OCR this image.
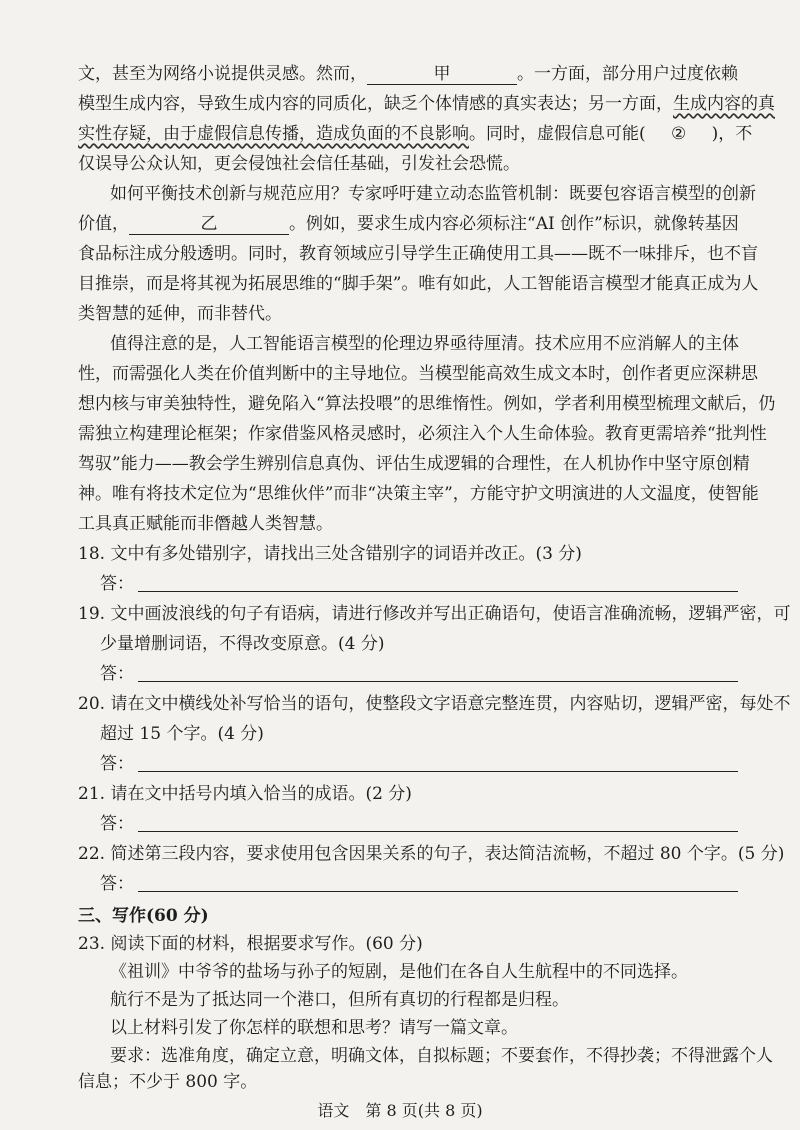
文，甚至为网络小说提供灵感。然而，	甲	。一方面，部分用户过度依赖
模型生成内容，导致生成内容的同质化，缺乏个体情感的真实表达；另一方面，生成内容的真
实性存疑，由于虚假信息传播，造成负面的不良影响。同时，虚假信息可能( ② )，不
仅误导公众认知，更会侵蚀社会信任基础，引发社会恐慌。
如何平衡技术创新与规范应用？专家呼吁建立动态监管机制：既要包容语言模型的创新
价值，	乙	。例如，要求生成内容必须标注“AI 创作”标识，就像转基因
食品标注成分般透明。同时，教育领域应引导学生正确使用工具——既不一味排斥，也不盲
目推崇，而是将其视为拓展思维的“脚手架”。唯有如此，人工智能语言模型才能真正成为人
类智慧的延伸，而非替代。
值得注意的是，人工智能语言模型的伦理边界亟待厘清。技术应用不应消解人的主体
性，而需强化人类在价值判断中的主导地位。当模型能高效生成文本时，创作者更应深耕思
想内核与审美独特性，避免陷入“算法投喂”的思维惰性。例如，学者利用模型梳理文献后，仍
需独立构建理论框架；作家借鉴风格灵感时，必须注入个人生命体验。教育更需培养“批判性
驾驭”能力——教会学生辨别信息真伪、评估生成逻辑的合理性，在人机协作中坚守原创精
神。唯有将技术定位为“思维伙伴”而非“决策主宰”，方能守护文明演进的人文温度，使智能
工具真正赋能而非僭越人类智慧。
18. 文中有多处错别字，请找出三处含错别字的词语并改正。(3 分)
答：
19. 文中画波浪线的句子有语病，请进行修改并写出正确语句，使语言准确流畅，逻辑严密，可
少量增删词语，不得改变原意。(4 分)
答：
20. 请在文中横线处补写恰当的语句，使整段文字语意完整连贯，内容贴切，逻辑严密，每处不
超过 15 个字。(4 分)
答：
21. 请在文中括号内填入恰当的成语。(2 分)
答：
22. 简述第三段内容，要求使用包含因果关系的句子，表达简洁流畅，不超过 80 个字。(5 分)
答：
三、写作(60 分)
23. 阅读下面的材料，根据要求写作。(60 分)
《祖训》中爷爷的盐场与孙子的短剧，是他们在各自人生航程中的不同选择。
航行不是为了抵达同一个港口，但所有真切的行程都是归程。
以上材料引发了你怎样的联想和思考？请写一篇文章。
语文　第 8 页(共 8 页)
要求：选准角度，确定立意，明确文体，自拟标题；不要套作，不得抄袭；不得泄露个人
信息；不少于 800 字。
